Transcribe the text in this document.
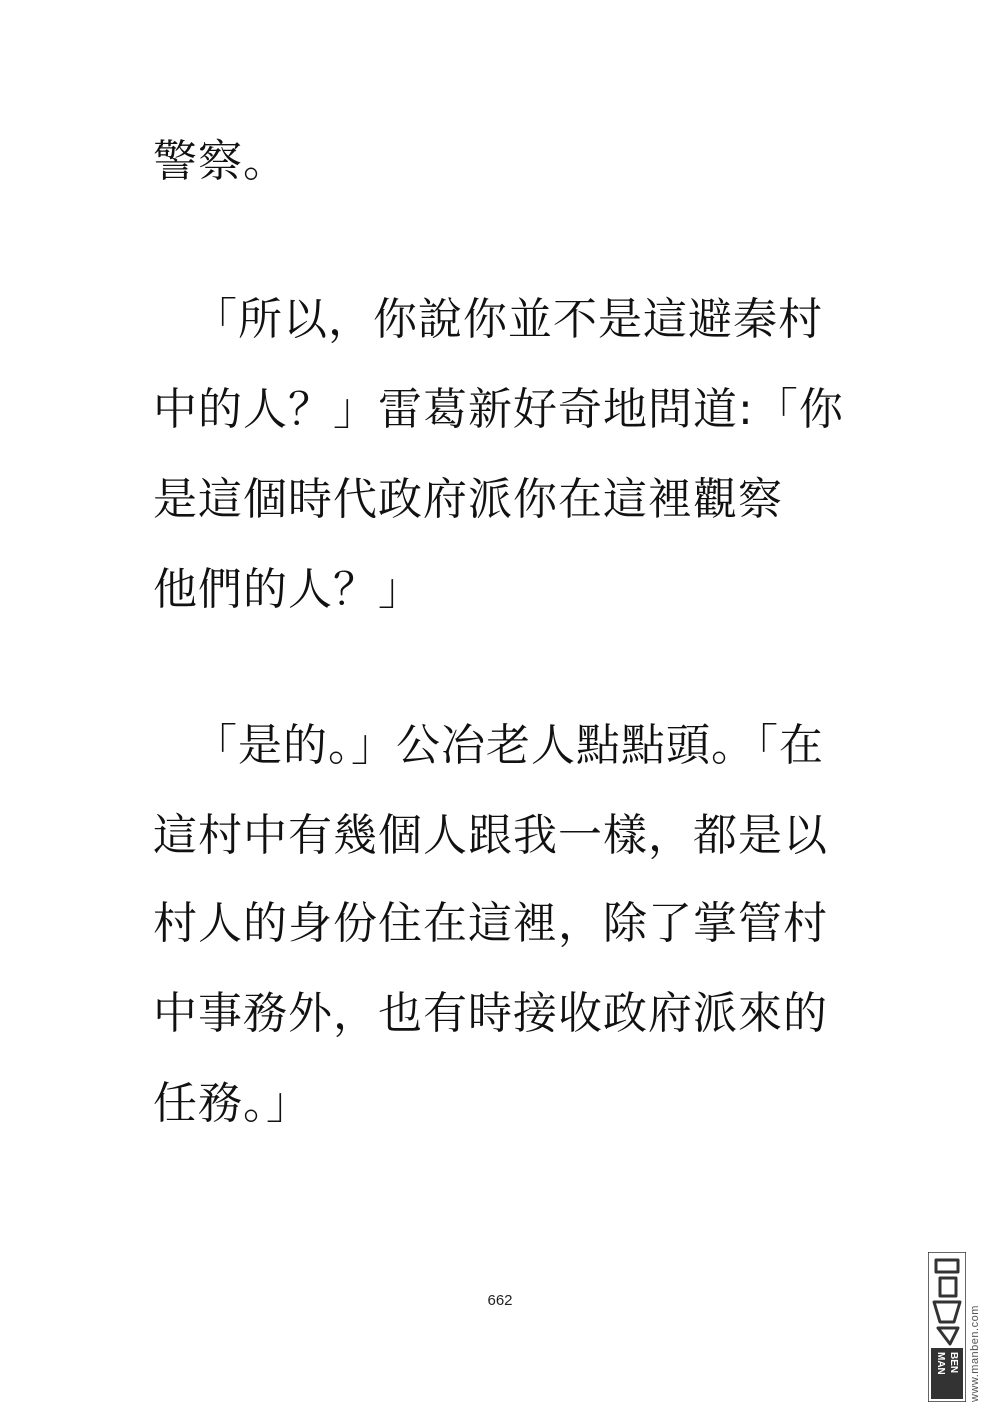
警察。
「所以，你說你並不是這避秦村
中的人？」雷葛新好奇地問道:「你
是這個時代政府派你在這裡觀察
他們的人？」
「是的。」公冶老人點點頭。「在
這村中有幾個人跟我一樣，都是以
村人的身份住在這裡，除了掌管村
中事務外，也有時接收政府派來的
任務。」
662
MAN BEN www.manben.com
